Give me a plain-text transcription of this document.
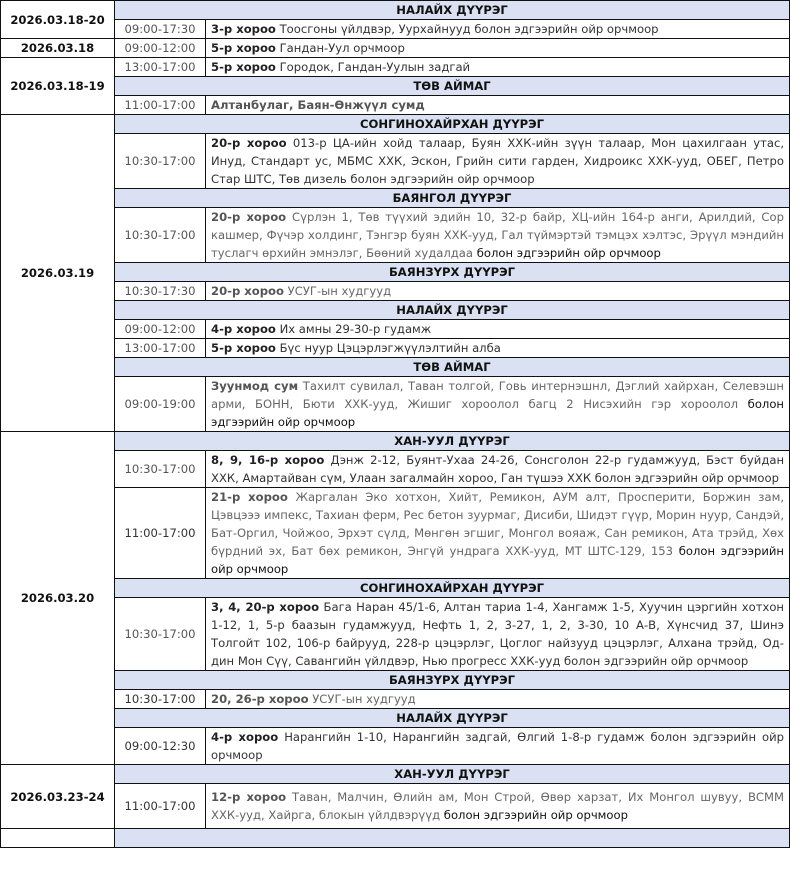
2026.03.18-20	НАЛАЙХ ДҮҮРЭГ	
	09:00-17:30	3-р хороо Тоосгоны үйлдвэр, Уурхайнууд болон эдгээрийн ойр орчмоор
2026.03.18	09:00-12:00	5-р хороо Гандан-Уул орчмоор
2026.03.18-19	13:00-17:00	5-р хороо Городок, Гандан-Уулын задгай
	ТӨВ АЙМАГ	
	11:00-17:00	Алтанбулаг, Баян-Өнжүүл сумд
2026.03.19	СОНГИНОХАЙРХАН ДҮҮРЭГ	
	10:30-17:00	20-р хороо 013-р ЦА-ийн хойд талаар, Буян ХХК-ийн зүүн талаар, Мон цахилгаан утас, Инуд, Стандарт ус, МБМС ХХК, Эскон, Грийн сити гарден, Хидроикс ХХК-ууд, ОБЕГ, Петро Стар ШТС, Төв дизель болон эдгээрийн ойр орчмоор
	БАЯНГОЛ ДҮҮРЭГ	
	10:30-17:00	20-р хороо Сүрлэн 1, Төв түүхий эдийн 10, 32-р байр, ХЦ-ийн 164-р анги, Арилдий, Сор кашмер, Фүчэр холдинг, Тэнгэр буян ХХК-ууд, Гал түймэртэй тэмцэх хэлтэс, Эрүүл мэндийн туслагч өрхийн эмнэлэг, Бөөний худалдаа болон эдгээрийн ойр орчмоор
	БАЯНЗҮРХ ДҮҮРЭГ	
	10:30-17:30	20-р хороо УСУГ-ын худгууд
	НАЛАЙХ ДҮҮРЭГ	
	09:00-12:00	4-р хороо Их амны 29-30-р гудамж
	13:00-17:00	5-р хороо Бүс нуур Цэцэрлэгжүүлэлтийн алба
	ТӨВ АЙМАГ	
	09:00-19:00	Зуунмод сум Тахилт сувилал, Таван толгой, Говь интернэшнл, Дэглий хайрхан, Селевэшн арми, БОНН, Бюти ХХК-ууд, Жишиг хороолол багц 2 Нисэхийн гэр хороолол болон эдгээрийн ойр орчмоор
2026.03.20	ХАН-УУЛ ДҮҮРЭГ	
	10:30-17:00	8, 9, 16-р хороо Дэнж 2-12, Буянт-Ухаа 24-26, Сонсголон 22-р гудамжууд, Бэст буйдан ХХК, Амартайван сүм, Улаан загалмайн хороо, Ган түшээ ХХК болон эдгээрийн ойр орчмоор
	11:00-17:00	21-р хороо Жаргалан Эко хотхон, Хийт, Ремикон, АУМ алт, Просперити, Боржин зам, Цэвцэээ импекс, Тахиан ферм, Рес бетон зуурмаг, Дисиби, Шидэт гүүр, Морин нуур, Сандэй, Бат-Оргил, Чойжоо, Эрхэт сүлд, Мөнгөн эгшиг, Монгол вояаж, Сан ремикон, Ата трэйд, Хөх бүрдний эх, Бат бөх ремикон, Энгүй ундрага ХХК-ууд, МТ ШТС-129, 153 болон эдгээрийн ойр орчмоор
	СОНГИНОХАЙРХАН ДҮҮРЭГ	
	10:30-17:00	3, 4, 20-р хороо Бага Наран 45/1-6, Алтан тариа 1-4, Хангамж 1-5, Хуучин цэргийн хотхон 1-12, 1, 5-р баазын гудамжууд, Нефть 1, 2, 3-27, 1, 2, 3-30, 10 А-В, Хүнсчид 37, Шинэ Толгойт 102, 106-р байрууд, 228-р цэцэрлэг, Цоглог найзууд цэцэрлэг, Алхана трэйд, Од-дин Мон Сүү, Савангийн үйлдвэр, Нью прогресс ХХК-ууд болон эдгээрийн ойр орчмоор
	БАЯНЗҮРХ ДҮҮРЭГ	
	10:30-17:00	20, 26-р хороо УСУГ-ын худгууд
	НАЛАЙХ ДҮҮРЭГ	
	09:00-12:30	4-р хороо Нарангийн 1-10, Нарангийн задгай, Өлгий 1-8-р гудамж болон эдгээрийн ойр орчмоор
2026.03.23-24	ХАН-УУЛ ДҮҮРЭГ	
	11:00-17:00	12-р хороо Таван, Малчин, Өлийн ам, Мон Строй, Өвөр харзат, Их Монгол шувуу, ВСММ ХХК-ууд, Хайрга, блокын үйлдвэрүүд болон эдгээрийн ойр орчмоор
